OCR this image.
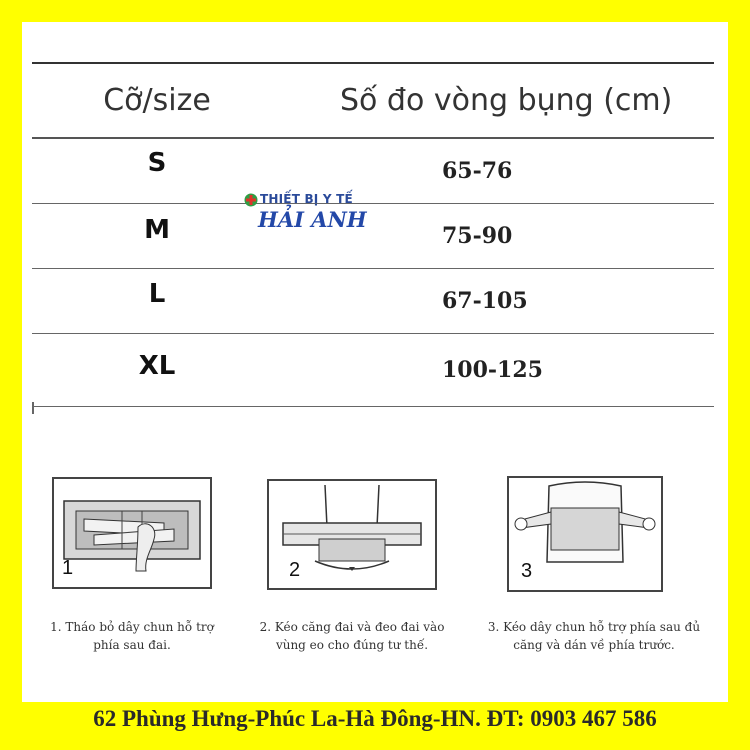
Cỡ/size	Số đo vòng bụng (cm)
S	65-76
M	75-90
L	67-105
XL	100-125
THIẾT BỊ Y TẾ
HẢI ANH
1
1. Tháo bỏ dây chun hỗ trợ
phía sau đai.
2
2. Kéo căng đai và đeo đai vào
vùng eo cho đúng tư thế.
3
3. Kéo dây chun hỗ trợ phía sau đủ
căng và dán về phía trước.
62 Phùng Hưng-Phúc La-Hà Đông-HN. ĐT: 0903 467 586
